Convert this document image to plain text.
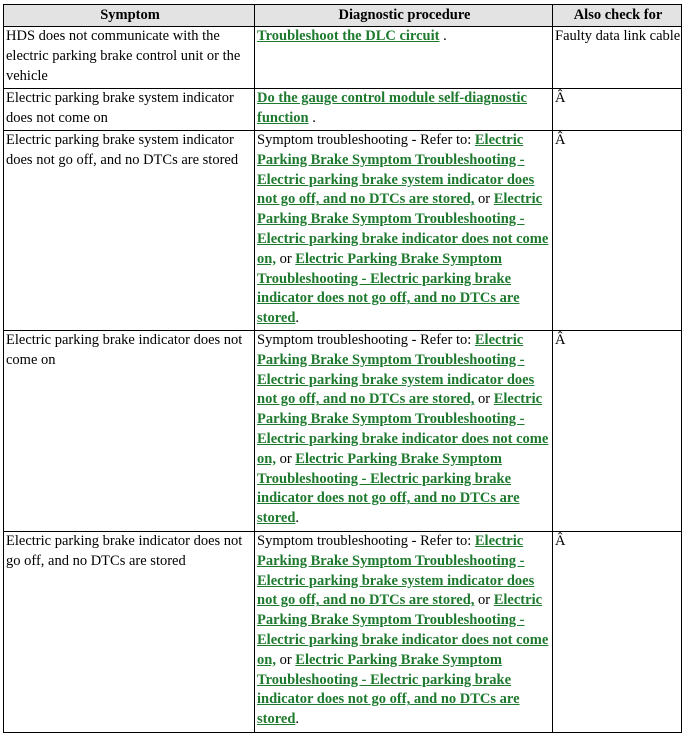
Symptom	Diagnostic procedure	Also check for
HDS does not communicate with the electric parking brake control unit or the vehicle	Troubleshoot the DLC circuit .	Faulty data link cable
Electric parking brake system indicator does not come on	Do the gauge control module self-diagnostic function .	Â
Electric parking brake system indicator does not go off, and no DTCs are stored	Symptom troubleshooting - Refer to: Electric Parking Brake Symptom Troubleshooting - Electric parking brake system indicator does not go off, and no DTCs are stored, or Electric Parking Brake Symptom Troubleshooting - Electric parking brake indicator does not come on, or Electric Parking Brake Symptom Troubleshooting - Electric parking brake indicator does not go off, and no DTCs are stored.	Â
Electric parking brake indicator does not come on	Symptom troubleshooting - Refer to: Electric Parking Brake Symptom Troubleshooting - Electric parking brake system indicator does not go off, and no DTCs are stored, or Electric Parking Brake Symptom Troubleshooting - Electric parking brake indicator does not come on, or Electric Parking Brake Symptom Troubleshooting - Electric parking brake indicator does not go off, and no DTCs are stored.	Â
Electric parking brake indicator does not go off, and no DTCs are stored	Symptom troubleshooting - Refer to: Electric Parking Brake Symptom Troubleshooting - Electric parking brake system indicator does not go off, and no DTCs are stored, or Electric Parking Brake Symptom Troubleshooting - Electric parking brake indicator does not come on, or Electric Parking Brake Symptom Troubleshooting - Electric parking brake indicator does not go off, and no DTCs are stored.	Â
